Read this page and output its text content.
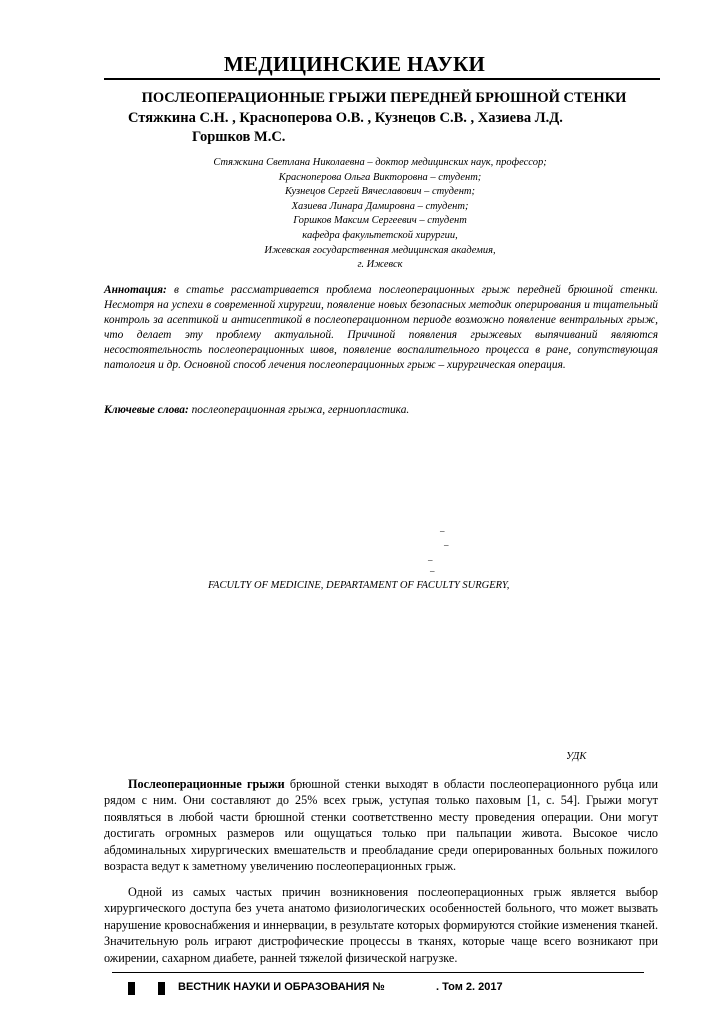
МЕДИЦИНСКИЕ НАУКИ
ПОСЛЕОПЕРАЦИОННЫЕ ГРЫЖИ ПЕРЕДНЕЙ БРЮШНОЙ СТЕНКИ
Стяжкина С.Н. , Красноперова О.В. , Кузнецов С.В. , Хазиева Л.Д.
Горшков М.С.
Стяжкина Светлана Николаевна – доктор медицинских наук, профессор;
Красноперова Ольга Викторовна – студент;
Кузнецов Сергей Вячеславович – студент;
Хазиева Линара Дамировна – студент;
Горшков Максим Сергеевич – студент
кафедра факультетской хирургии,
Ижевская государственная медицинская академия,
г. Ижевск
Аннотация: в статье рассматривается проблема послеоперационных грыж передней брюшной стенки. Несмотря на успехи в современной хирургии, появление новых безопасных методик оперирования и тщательный контроль за асептикой и антисептикой в послеоперационном периоде возможно появление вентральных грыж, что делает эту проблему актуальной. Причиной появления грыжевых выпячиваний являются несостоятельность послеоперационных швов, появление воспалительного процесса в ране, сопутствующая патология и др. Основной способ лечения послеоперационных грыж – хирургическая операция.
Ключевые слова: послеоперационная грыжа, герниопластика.
–
–
–
–
FACULTY OF MEDICINE, DEPARTAMENT OF FACULTY SURGERY,
УДК
Послеоперационные грыжи брюшной стенки выходят в области послеоперационного рубца или рядом с ним. Они составляют до 25% всех грыж, уступая только паховым [1, с. 54]. Грыжи могут появляться в любой части брюшной стенки соответственно месту проведения операции. Они могут достигать огромных размеров или ощущаться только при пальпации живота. Высокое число абдоминальных хирургических вмешательств и преобладание среди оперированных больных пожилого возраста ведут к заметному увеличению послеоперационных грыж.
Одной из самых частых причин возникновения послеоперационных грыж является выбор хирургического доступа без учета анатомо физиологических особенностей больного, что может вызвать нарушение кровоснабжения и иннервации, в результате которых формируются стойкие изменения тканей. Значительную роль играют дистрофические процессы в тканях, которые чаще всего возникают при ожирении, сахарном диабете, ранней тяжелой физической нагрузке.
ВЕСТНИК НАУКИ И ОБРАЗОВАНИЯ №	. Том 2. 2017
